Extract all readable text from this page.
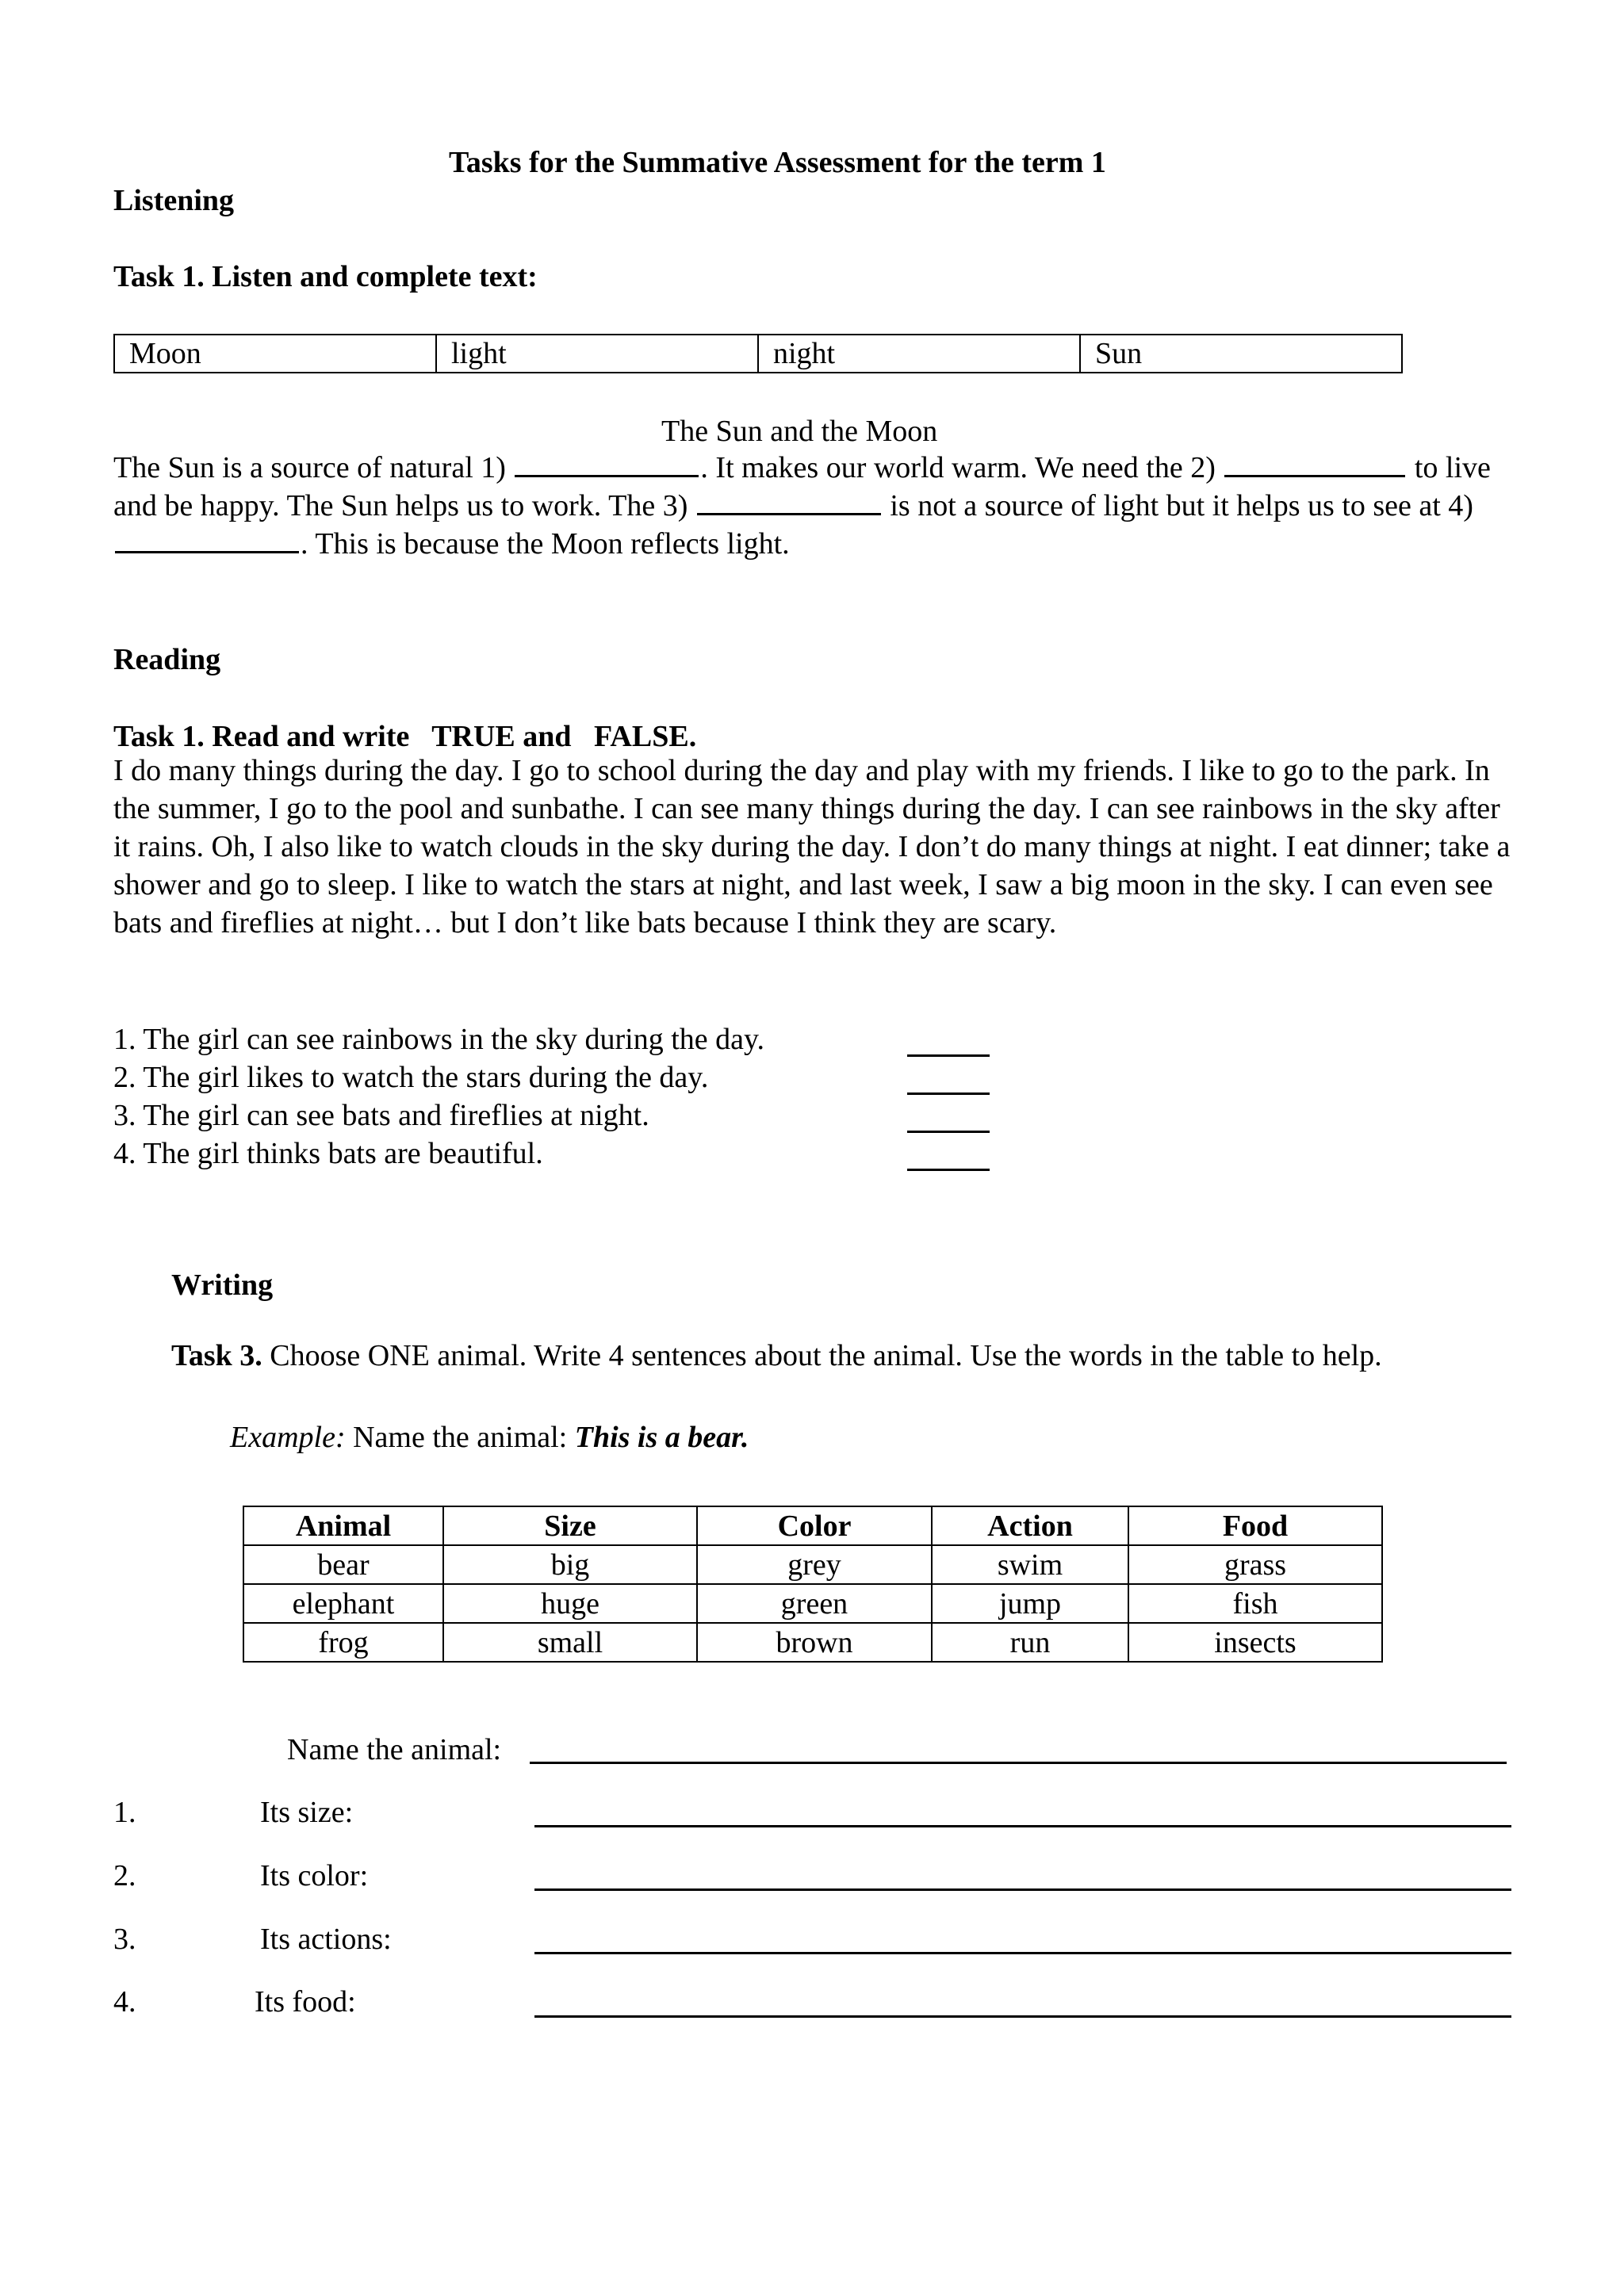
Tasks for the Summative Assessment for the term 1
Listening
Task 1. Listen and complete text:
Moon	light	night	Sun
The Sun and the Moon
The Sun is a source of natural 1)	. It makes our world warm. We need the 2)	to live and be happy. The Sun helps us to work. The 3)	is not a source of light but it helps us to see at 4) . This is because the Moon reflects light.
Reading
Task 1. Read and write   TRUE and   FALSE.
I do many things during the day. I go to school during the day and play with my friends. I like to go to the park. In the summer, I go to the pool and sunbathe. I can see many things during the day. I can see rainbows in the sky after it rains. Oh, I also like to watch clouds in the sky during the day. I don’t do many things at night. I eat dinner; take a shower and go to sleep. I like to watch the stars at night, and last week, I saw a big moon in the sky. I can even see bats and fireflies at night… but I don’t like bats because I think they are scary.
1. The girl can see rainbows in the sky during the day.
2. The girl likes to watch the stars during the day.
3. The girl can see bats and fireflies at night.
4. The girl thinks bats are beautiful.
Writing
Task 3. Choose ONE animal. Write 4 sentences about the animal. Use the words in the table to help.
Example: Name the animal: This is a bear.
Animal	Size	Color	Action	Food
bear	big	grey	swim	grass
elephant	huge	green	jump	fish
frog	small	brown	run	insects
Name the animal:
1.	Its size:
2.	Its color:
3.	Its actions:
4.	Its food:
